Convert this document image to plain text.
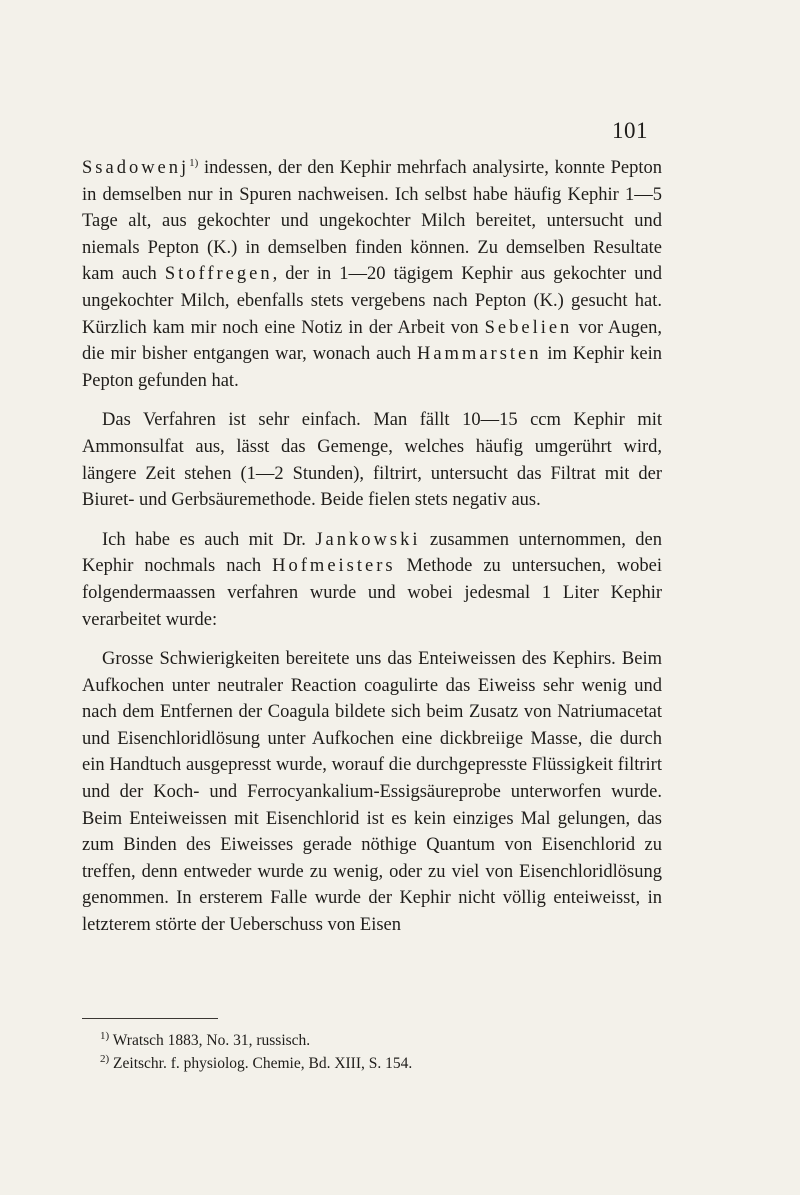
101

Ssadowenj$^{1)}$ indessen, der den Kephir mehrfach analysirte, konnte Pepton in demselben nur in Spuren nachweisen. Ich selbst habe häufig Kephir 1—5 Tage alt, aus gekochter und ungekochter Milch bereitet, untersucht und niemals Pepton (K.) in demselben finden können. Zu demselben Resultate kam auch Stoffregen, der in 1—20 tägigem Kephir aus gekochter und ungekochter Milch, ebenfalls stets vergebens nach Pepton (K.) gesucht hat. Kürzlich kam mir noch eine Notiz in der Arbeit von Sebelien vor Augen, die mir bisher entgangen war, wonach auch Hammarsten im Kephir kein Pepton gefunden hat.

Das Verfahren ist sehr einfach. Man fällt 10—15 ccm Kephir mit Ammonsulfat aus, lässt das Gemenge, welches häufig umgerührt wird, längere Zeit stehen (1—2 Stunden), filtrirt, untersucht das Filtrat mit der Biuret- und Gerbsäuremethode. Beide fielen stets negativ aus.

Ich habe es auch mit Dr. Jankowski zusammen unternommen, den Kephir nochmals nach Hofmeisters Methode zu untersuchen, wobei folgendermaassen verfahren wurde und wobei jedesmal 1 Liter Kephir verarbeitet wurde:

Grosse Schwierigkeiten bereitete uns das Enteiweissen des Kephirs. Beim Aufkochen unter neutraler Reaction coagulirte das Eiweiss sehr wenig und nach dem Entfernen der Coagula bildete sich beim Zusatz von Natriumacetat und Eisenchloridlösung unter Aufkochen eine dickbreiige Masse, die durch ein Handtuch ausgepresst wurde, worauf die durchgepresste Flüssigkeit filtrirt und der Koch- und Ferrocyankalium-Essigsäureprobe unterworfen wurde. Beim Enteiweissen mit Eisenchlorid ist es kein einziges Mal gelungen, das zum Binden des Eiweisses gerade nöthige Quantum von Eisenchlorid zu treffen, denn entweder wurde zu wenig, oder zu viel von Eisenchloridlösung genommen. In ersterem Falle wurde der Kephir nicht völlig enteiweisst, in letzterem störte der Ueberschuss von Eisen

$^{1)}$ Wratsch 1883, No. 31, russisch.
$^{2)}$ Zeitschr. f. physiolog. Chemie, Bd. XIII, S. 154.
